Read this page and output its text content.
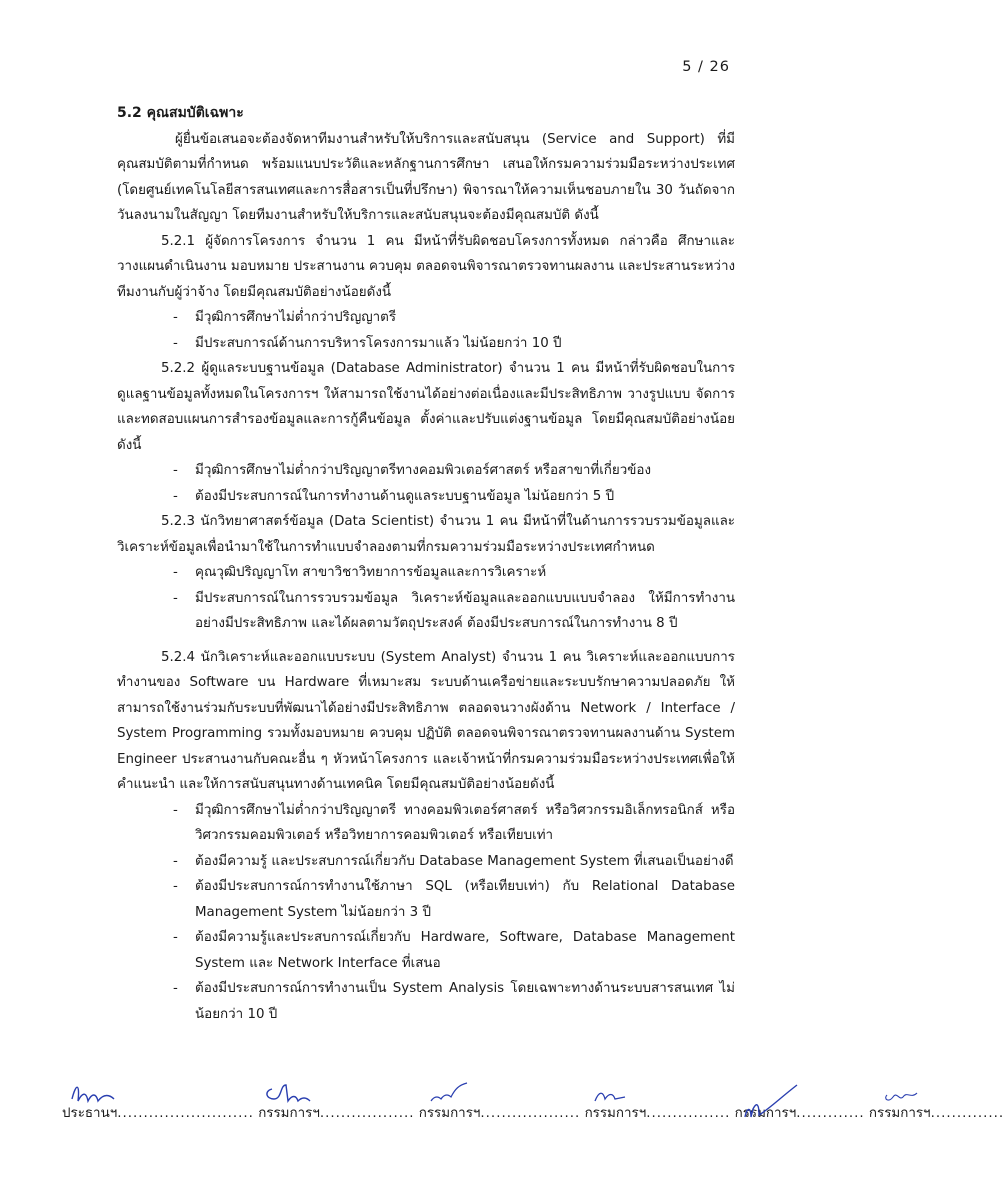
5 / 26
5.2 คุณสมบัติเฉพาะ

ผู้ยื่นข้อเสนอจะต้องจัดหาทีมงานสำหรับให้บริการและสนับสนุน (Service and Support) ที่มีคุณสมบัติตามที่กำหนด พร้อมแนบประวัติและหลักฐานการศึกษา เสนอให้กรมความร่วมมือระหว่างประเทศ (โดยศูนย์เทคโนโลยีสารสนเทศและการสื่อสารเป็นที่ปรึกษา) พิจารณาให้ความเห็นชอบภายใน 30 วันถัดจากวันลงนามในสัญญา โดยทีมงานสำหรับให้บริการและสนับสนุนจะต้องมีคุณสมบัติ ดังนี้

5.2.1 ผู้จัดการโครงการ จำนวน 1 คน มีหน้าที่รับผิดชอบโครงการทั้งหมด กล่าวคือ ศึกษาและวางแผนดำเนินงาน มอบหมาย ประสานงาน ควบคุม ตลอดจนพิจารณาตรวจทานผลงาน และประสานระหว่างทีมงานกับผู้ว่าจ้าง โดยมีคุณสมบัติอย่างน้อยดังนี้

- มีวุฒิการศึกษาไม่ต่ำกว่าปริญญาตรี
- มีประสบการณ์ด้านการบริหารโครงการมาแล้ว ไม่น้อยกว่า 10 ปี

5.2.2 ผู้ดูแลระบบฐานข้อมูล (Database Administrator) จำนวน 1 คน มีหน้าที่รับผิดชอบในการดูแลฐานข้อมูลทั้งหมดในโครงการฯ ให้สามารถใช้งานได้อย่างต่อเนื่องและมีประสิทธิภาพ วางรูปแบบ จัดการและทดสอบแผนการสำรองข้อมูลและการกู้คืนข้อมูล ตั้งค่าและปรับแต่งฐานข้อมูล โดยมีคุณสมบัติอย่างน้อยดังนี้

- มีวุฒิการศึกษาไม่ต่ำกว่าปริญญาตรีทางคอมพิวเตอร์ศาสตร์ หรือสาขาที่เกี่ยวข้อง
- ต้องมีประสบการณ์ในการทำงานด้านดูแลระบบฐานข้อมูล ไม่น้อยกว่า 5 ปี

5.2.3 นักวิทยาศาสตร์ข้อมูล (Data Scientist) จำนวน 1 คน มีหน้าที่ในด้านการรวบรวมข้อมูลและวิเคราะห์ข้อมูลเพื่อนำมาใช้ในการทำแบบจำลองตามที่กรมความร่วมมือระหว่างประเทศกำหนด

- คุณวุฒิปริญญาโท สาขาวิชาวิทยาการข้อมูลและการวิเคราะห์
- มีประสบการณ์ในการรวบรวมข้อมูล วิเคราะห์ข้อมูลและออกแบบแบบจำลอง ให้มีการทำงานอย่างมีประสิทธิภาพ และได้ผลตามวัตถุประสงค์ ต้องมีประสบการณ์ในการทำงาน 8 ปี

5.2.4 นักวิเคราะห์และออกแบบระบบ (System Analyst) จำนวน 1 คน วิเคราะห์และออกแบบการทำงานของ Software บน Hardware ที่เหมาะสม ระบบด้านเครือข่ายและระบบรักษาความปลอดภัย ให้สามารถใช้งานร่วมกับระบบที่พัฒนาได้อย่างมีประสิทธิภาพ ตลอดจนวางผังด้าน Network / Interface / System Programming รวมทั้งมอบหมาย ควบคุม ปฏิบัติ ตลอดจนพิจารณาตรวจทานผลงานด้าน System Engineer ประสานงานกับคณะอื่น ๆ หัวหน้าโครงการ และเจ้าหน้าที่กรมความร่วมมือระหว่างประเทศเพื่อให้คำแนะนำ และให้การสนับสนุนทางด้านเทคนิค โดยมีคุณสมบัติอย่างน้อยดังนี้

- มีวุฒิการศึกษาไม่ต่ำกว่าปริญญาตรี ทางคอมพิวเตอร์ศาสตร์ หรือวิศวกรรมอิเล็กทรอนิกส์ หรือวิศวกรรมคอมพิวเตอร์ หรือวิทยาการคอมพิวเตอร์ หรือเทียบเท่า
- ต้องมีความรู้ และประสบการณ์เกี่ยวกับ Database Management System ที่เสนอเป็นอย่างดี
- ต้องมีประสบการณ์การทำงานใช้ภาษา SQL (หรือเทียบเท่า) กับ Relational Database Management System ไม่น้อยกว่า 3 ปี
- ต้องมีความรู้และประสบการณ์เกี่ยวกับ Hardware, Software, Database Management System และ Network Interface ที่เสนอ
- ต้องมีประสบการณ์การทำงานเป็น System Analysis โดยเฉพาะทางด้านระบบสารสนเทศ ไม่น้อยกว่า 10 ปี
ประธานฯ.......................... กรรมการฯ.................. กรรมการฯ................... กรรมการฯ................ กรรมการฯ............. กรรมการฯ..............
